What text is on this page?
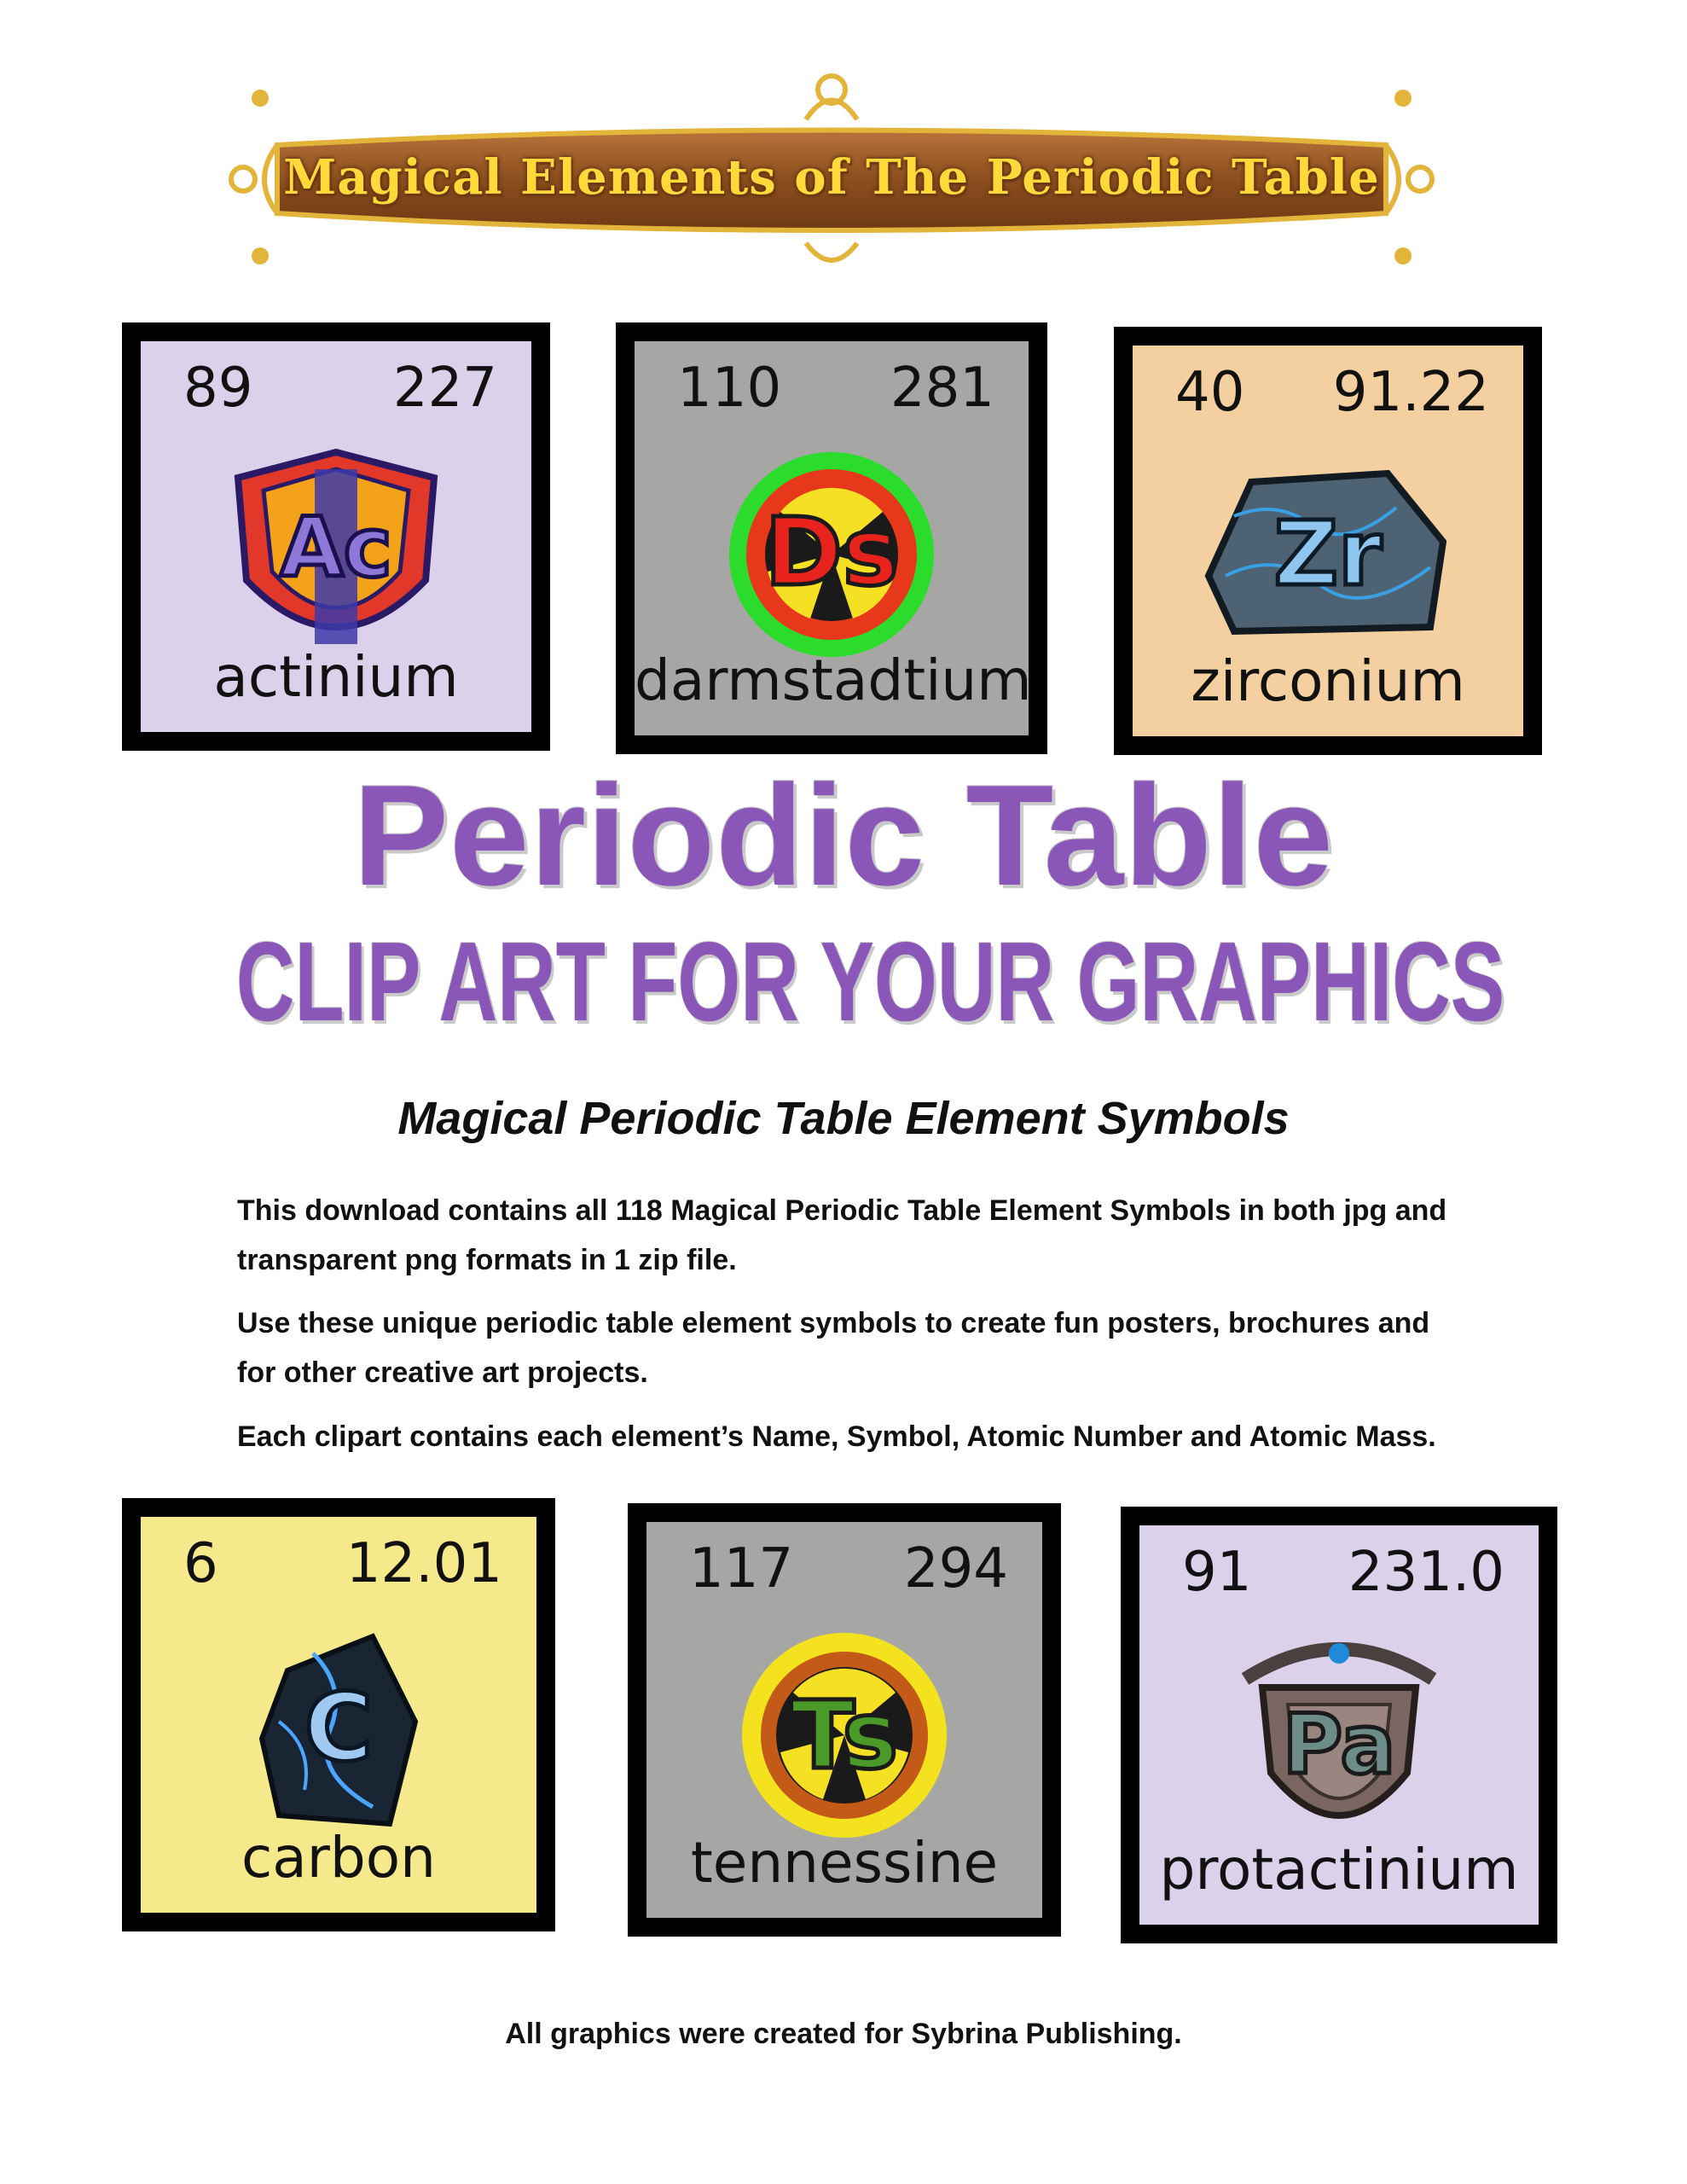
Magical Elements of The Periodic Table
89	227
Ac
actinium
110 281
Ds
darmstadtium
40 91.22
Zr
zirconium
Periodic Table
CLIP ART FOR YOUR GRAPHICS
Magical Periodic Table Element Symbols
This download contains all 118 Magical Periodic Table Element Symbols in both jpg and transparent png formats in 1 zip file.
Use these unique periodic table element symbols to create fun posters, brochures and for other creative art projects.
Each clipart contains each element’s Name, Symbol, Atomic Number and Atomic Mass.
6 12.01
C
carbon
117 294
Ts
tennessine
91 231.0
Pa
protactinium
All graphics were created for Sybrina Publishing.
